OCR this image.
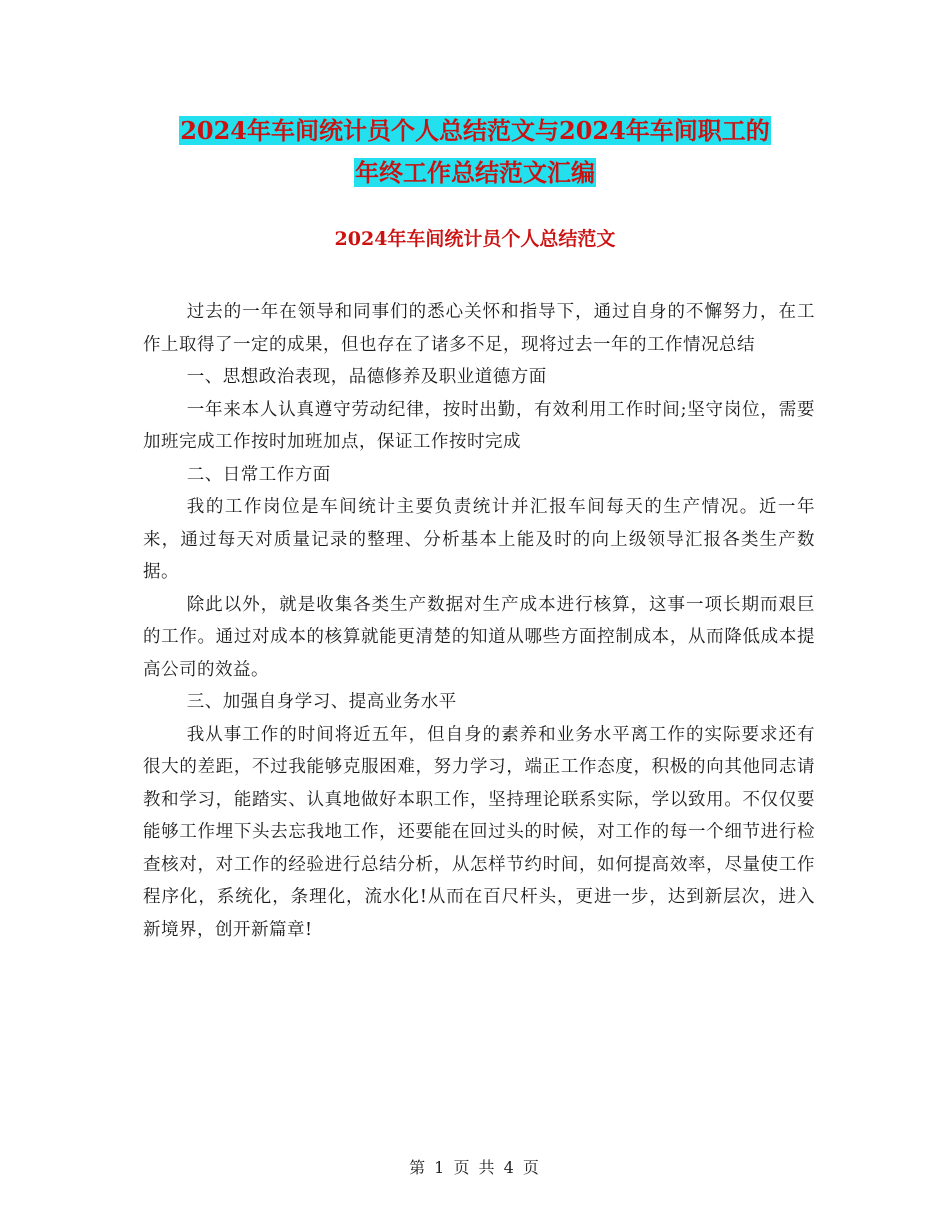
2024年车间统计员个人总结范文与2024年车间职工的
年终工作总结范文汇编
2024年车间统计员个人总结范文

过去的一年在领导和同事们的悉心关怀和指导下，通过自身的不懈努力，在工作上取得了一定的成果，但也存在了诸多不足，现将过去一年的工作情况总结

一、思想政治表现，品德修养及职业道德方面

一年来本人认真遵守劳动纪律，按时出勤，有效利用工作时间;坚守岗位，需要加班完成工作按时加班加点，保证工作按时完成

二、日常工作方面

我的工作岗位是车间统计主要负责统计并汇报车间每天的生产情况。近一年来，通过每天对质量记录的整理、分析基本上能及时的向上级领导汇报各类生产数据。

除此以外，就是收集各类生产数据对生产成本进行核算，这事一项长期而艰巨的工作。通过对成本的核算就能更清楚的知道从哪些方面控制成本，从而降低成本提高公司的效益。

三、加强自身学习、提高业务水平

我从事工作的时间将近五年，但自身的素养和业务水平离工作的实际要求还有很大的差距，不过我能够克服困难，努力学习，端正工作态度，积极的向其他同志请教和学习，能踏实、认真地做好本职工作，坚持理论联系实际，学以致用。不仅仅要能够工作埋下头去忘我地工作，还要能在回过头的时候，对工作的每一个细节进行检查核对，对工作的经验进行总结分析，从怎样节约时间，如何提高效率，尽量使工作程序化，系统化，条理化，流水化!从而在百尺杆头，更进一步，达到新层次，进入新境界，创开新篇章!

第 1 页 共 4 页
